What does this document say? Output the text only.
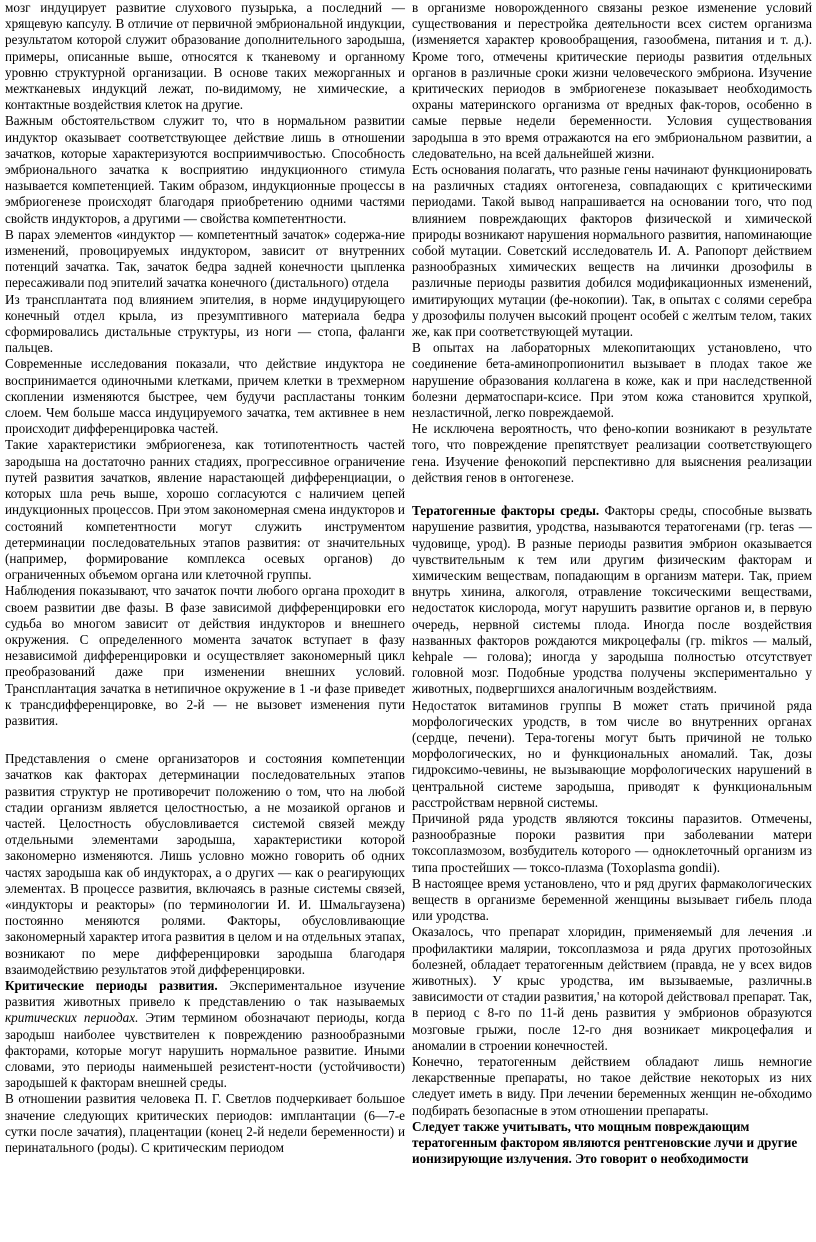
мозг индуцирует развитие слухового пузырька, а последний — хрящевую капсулу. В отличие от первичной эмбриональной индукции, результатом которой служит образование дополнительного зародыша, примеры, описанные выше, относятся к тканевому и органному уровню структурной организации. В основе таких межорганных и межтканевых индукций лежат, по-видимому, не химические, а контактные воздействия клеток на другие.

Важным обстоятельством служит то, что в нормальном развитии индуктор оказывает соответствующее действие лишь в отношении зачатков, которые характеризуются восприимчивостью. Способность эмбрионального зачатка к восприятию индукционного стимула называется компетенцией. Таким образом, индукционные процессы в эмбриогенезе происходят благодаря приобретению одними частями свойств индукторов, а другими — свойства компетентности.

В парах элементов «индуктор — компетентный зачаток» содержа-ние изменений, провоцируемых индуктором, зависит от внутренних потенций зачатка. Так, зачаток бедра задней конечности цыпленка пересаживали под эпителий зачатка конечного (дистального) отдела

Из трансплантата под влиянием эпителия, в норме индуцирующего конечный отдел крыла, из презумптивного материала бедра сформировались дистальные структуры, из ноги — стопа, фаланги пальцев.

Современные исследования показали, что действие индуктора не воспринимается одиночными клетками, причем клетки в трехмерном скоплении изменяются быстрее, чем будучи распластаны тонким слоем. Чем больше масса индуцируемого зачатка, тем активнее в нем происходит дифференцировка частей.

Такие характеристики эмбриогенеза, как тотипотентность частей зародыша на достаточно ранних стадиях, прогрессивное ограничение путей развития зачатков, явление нарастающей дифференциации, о которых шла речь выше, хорошо согласуются с наличием цепей индукционных процессов. При этом закономерная смена индукторов и состояний компетентности могут служить инструментом детерминации последовательных этапов развития: от значительных (например, формирование комплекса осевых органов) до ограниченных объемом органа или клеточной группы.

Наблюдения показывают, что зачаток почти любого органа проходит в своем развитии две фазы. В фазе зависимой дифференцировки его судьба во многом зависит от действия индукторов и внешнего окружения. С определенного момента зачаток вступает в фазу независимой дифференцировки и осуществляет закономерный цикл преобразований даже при изменении внешних условий. Трансплантация зачатка в нетипичное окружение в 1 -и фазе приведет к трансдифференцировке, во 2-й — не вызовет изменения пути развития.

Представления о смене организаторов и состояния компетенции зачатков как факторах детерминации последовательных этапов развития структур не противоречит положению о том, что на любой стадии организм является целостностью, а не мозаикой органов и частей. Целостность обусловливается системой связей между отдельными элементами зародыша, характеристики которой закономерно изменяются. Лишь условно можно говорить об одних частях зародыша как об индукторах, а о других — как о реагирующих элементах. В процессе развития, включаясь в разные системы связей, «индукторы и реакторы» (по терминологии И. И. Шмальгаузена) постоянно меняются ролями. Факторы, обусловливающие закономерный характер итога развития в целом и на отдельных этапах, возникают по мере дифференцировки зародыша благодаря взаимодействию результатов этой дифференцировки.

Критические периоды развития. Экспериментальное изучение развития животных привело к представлению о так называемых критических периодах. Этим термином обозначают периоды, когда зародыш наиболее чувствителен к повреждению разнообразными факторами, которые могут нарушить нормальное развитие. Иными словами, это периоды наименьшей резистент-ности (устойчивости) зародышей к факторам внешней среды.

В отношении развития человека П. Г. Светлов подчеркивает большое значение следующих критических периодов: имплантации (6—7-е сутки после зачатия), плацентации (конец 2-й недели беременности) и перинатального (роды). С критическим периодом

в организме новорожденного связаны резкое изменение условий существования и перестройка деятельности всех систем организма (изменяется характер кровообращения, газообмена, питания и т. д.). Кроме того, отмечены критические периоды развития отдельных органов в различные сроки жизни человеческого эмбриона. Изучение критических периодов в эмбриогенезе показывает необходимость охраны материнского организма от вредных фак-торов, особенно в самые первые недели беременности. Условия существования зародыша в это время отражаются на его эмбриональном развитии, а следовательно, на всей дальнейшей жизни.

Есть основания полагать, что разные гены начинают функционировать на различных стадиях онтогенеза, совпадающих с критическими периодами. Такой вывод напрашивается на основании того, что под влиянием повреждающих факторов физической и химической природы возникают нарушения нормального развития, напоминающие собой мутации. Советский исследователь И. А. Рапопорт действием разнообразных химических веществ на личинки дрозофилы в различные периоды развития добился модификационных изменений, имитирующих мутации (фе-нокопии). Так, в опытах с солями серебра у дрозофилы получен высокий процент особей с желтым телом, таких же, как при соответствующей мутации.

В опытах на лабораторных млекопитающих установлено, что соединение бета-аминопропионитил вызывает в плодах такое же нарушение образования коллагена в коже, как и при наследственной болезни дерматоспари-ксисе. При этом кожа становится хрупкой, незластичной, легко повреждаемой.

Не исключена вероятность, что фено-копии возникают в результате того, что повреждение препятствует реализации соответствующего гена. Изучение фенокопий перспективно для выяснения реализации действия генов в онтогенезе.

Тератогенные факторы среды. Факторы среды, способные вызвать нарушение развития, уродства, называются тератогенами (гр. teras — чудовище, урод). В разные периоды развития эмбрион оказывается чувствительным к тем или другим физическим факторам и химическим веществам, попадающим в организм матери. Так, прием внутрь хинина, алкоголя, отравление токсическими веществами, недостаток кислорода, могут нарушить развитие органов и, в первую очередь, нервной системы плода. Иногда после воздействия названных факторов рождаются микроцефалы (гр. mikros — малый, kehpale — голова); иногда у зародыша полностью отсутствует головной мозг. Подобные уродства получены экспериментально у животных, подвергшихся аналогичным воздействиям.

Недостаток витаминов группы В может стать причиной ряда морфологических уродств, в том числе во внутренних органах (сердце, печени). Тера-тогены могут быть причиной не только морфологических, но и функциональных аномалий. Так, дозы гидроксимо-чевины, не вызывающие морфологических нарушений в центральной системе зародыша, приводят к функциональным расстройствам нервной системы.

Причиной ряда уродств являются токсины паразитов. Отмечены, разнообразные пороки развития при заболевании матери токсоплазмозом, возбудитель которого — одноклеточный организм из типа простейших — токсо-плазма (Toxoplasma gondii).

В настоящее время установлено, что и ряд других фармакологических веществ в организме беременной женщины вызывает гибель плода или уродства.

Оказалось, что препарат хлоридин, применяемый для лечения .и профилактики малярии, токсоплазмоза и ряда других протозойных болезней, обладает тератогенным действием (правда, не у всех видов животных). У крыс уродства, им вызываемые, различны.в зависимости от стадии развития,' на которой действовал препарат. Так, в период с 8-го по 11-й день развития у эмбрионов образуются мозговые грыжи, после 12-го дня возникает микроцефалия и аномалии в строении конечностей.

Конечно, тератогенным действием обладают лишь немногие лекарственные препараты, но такое действие некоторых из них следует иметь в виду. При лечении беременных женщин не-обходимо подбирать безопасные в этом отношении препараты.

Следует также учитывать, что мощным повреждающим тератогенным фактором являются рентгеновские лучи и другие ионизирующие излучения. Это говорит о необходимости
